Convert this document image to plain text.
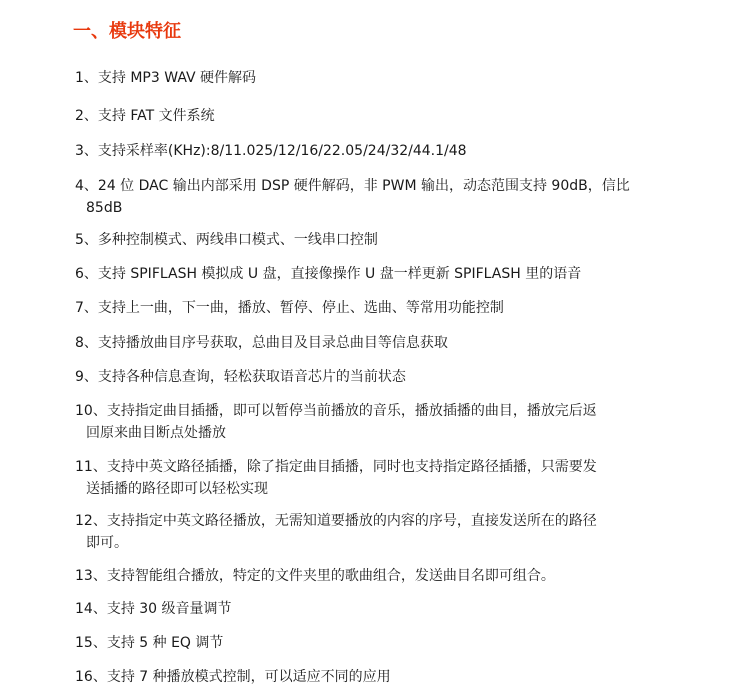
一、模块特征
1、支持 MP3 WAV 硬件解码
2、支持 FAT 文件系统
3、支持采样率(KHz):8/11.025/12/16/22.05/24/32/44.1/48
4、24 位 DAC 输出内部采用 DSP 硬件解码，非 PWM 输出，动态范围支持 90dB，信比
85dB
5、多种控制模式、两线串口模式、一线串口控制
6、支持 SPIFLASH 模拟成 U 盘，直接像操作 U 盘一样更新 SPIFLASH 里的语音
7、支持上一曲，下一曲，播放、暂停、停止、选曲、等常用功能控制
8、支持播放曲目序号获取，总曲目及目录总曲目等信息获取
9、支持各种信息查询，轻松获取语音芯片的当前状态
10、支持指定曲目插播，即可以暂停当前播放的音乐，播放插播的曲目，播放完后返
回原来曲目断点处播放
11、支持中英文路径插播，除了指定曲目插播，同时也支持指定路径插播，只需要发
送插播的路径即可以轻松实现
12、支持指定中英文路径播放，无需知道要播放的内容的序号，直接发送所在的路径
即可。
13、支持智能组合播放，特定的文件夹里的歌曲组合，发送曲目名即可组合。
14、支持 30 级音量调节
15、支持 5 种 EQ 调节
16、支持 7 种播放模式控制，可以适应不同的应用
